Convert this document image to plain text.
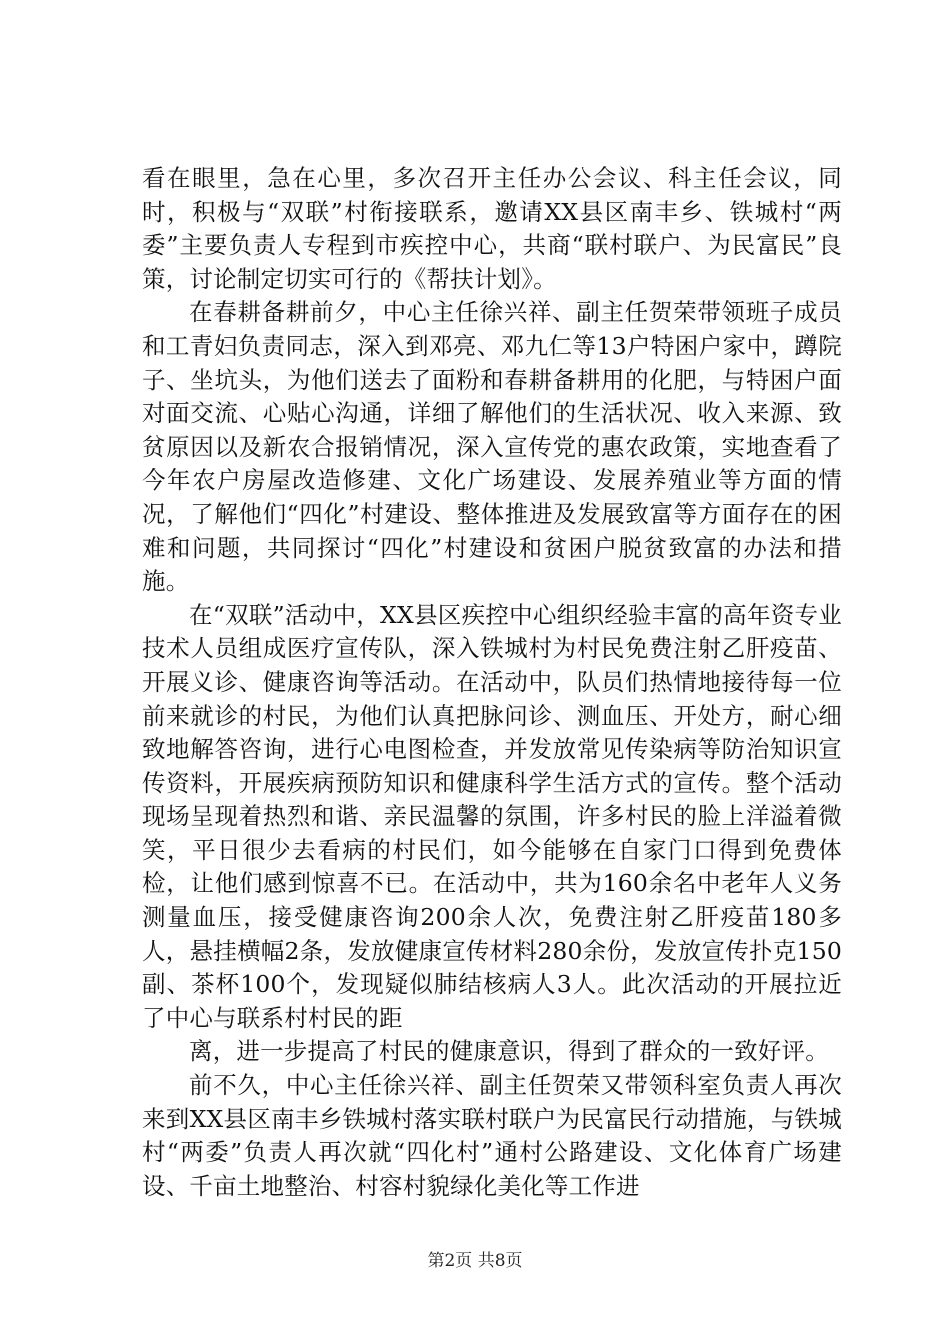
看在眼里，急在心里，多次召开主任办公会议、科主任会议，同时，积极与“双联”村衔接联系，邀请XX县区南丰乡、铁城村“两委”主要负责人专程到市疾控中心，共商“联村联户、为民富民”良策，讨论制定切实可行的《帮扶计划》。

在春耕备耕前夕，中心主任徐兴祥、副主任贺荣带领班子成员和工青妇负责同志，深入到邓亮、邓九仁等13户特困户家中，蹲院子、坐坑头，为他们送去了面粉和春耕备耕用的化肥，与特困户面对面交流、心贴心沟通，详细了解他们的生活状况、收入来源、致贫原因以及新农合报销情况，深入宣传党的惠农政策，实地查看了今年农户房屋改造修建、文化广场建设、发展养殖业等方面的情况，了解他们“四化”村建设、整体推进及发展致富等方面存在的困难和问题，共同探讨“四化”村建设和贫困户脱贫致富的办法和措施。

在“双联”活动中，XX县区疾控中心组织经验丰富的高年资专业技术人员组成医疗宣传队，深入铁城村为村民免费注射乙肝疫苗、开展义诊、健康咨询等活动。在活动中，队员们热情地接待每一位前来就诊的村民，为他们认真把脉问诊、测血压、开处方，耐心细致地解答咨询，进行心电图检查，并发放常见传染病等防治知识宣传资料，开展疾病预防知识和健康科学生活方式的宣传。整个活动现场呈现着热烈和谐、亲民温馨的氛围，许多村民的脸上洋溢着微笑，平日很少去看病的村民们，如今能够在自家门口得到免费体检，让他们感到惊喜不已。在活动中，共为160余名中老年人义务测量血压，接受健康咨询200余人次，免费注射乙肝疫苗180多人，悬挂横幅2条，发放健康宣传材料280余份，发放宣传扑克150副、茶杯100个，发现疑似肺结核病人3人。此次活动的开展拉近了中心与联系村村民的距

离，进一步提高了村民的健康意识，得到了群众的一致好评。

前不久，中心主任徐兴祥、副主任贺荣又带领科室负责人再次来到XX县区南丰乡铁城村落实联村联户为民富民行动措施，与铁城村“两委”负责人再次就“四化村”通村公路建设、文化体育广场建设、千亩土地整治、村容村貌绿化美化等工作进

第2页 共8页
